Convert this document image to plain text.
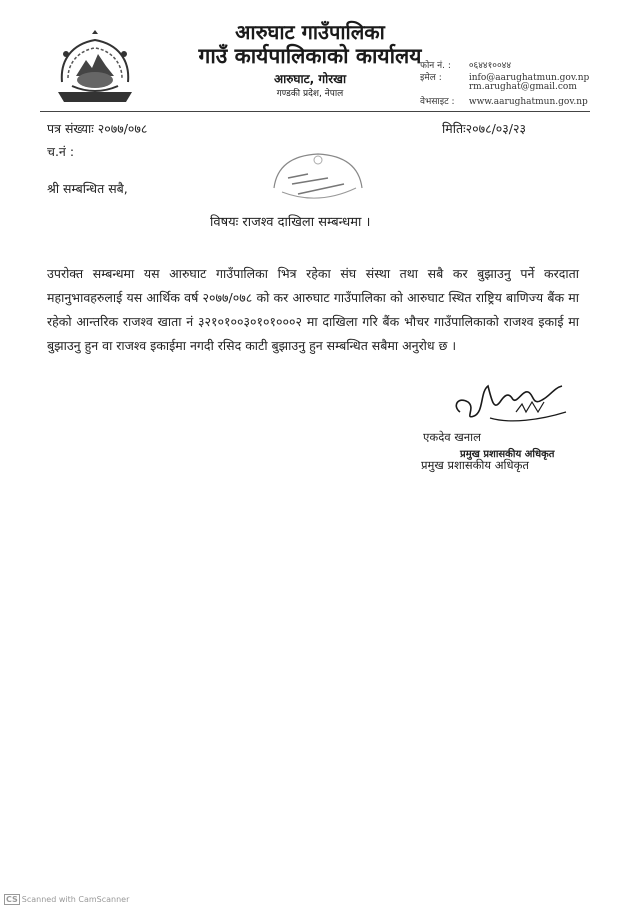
आरुघाट गाउँपालिका
गाउँ कार्यपालिकाको कार्यालय
आरुघाट, गोरखा
गण्डकी प्रदेश, नेपाल
फोन नं. : ०६४४१००४४
इमेल :	info@aarughatmun.gov.np
rm.arughat@gmail.com
वेभसाइट : www.aarughatmun.gov.np
पत्र संख्याः २०७७/०७८
च.नं :
मितिः२०७८/०३/२३
श्री सम्बन्धित सबै,
विषयः राजश्व दाखिला सम्बन्धमा ।
उपरोक्त सम्बन्धमा यस आरुघाट गाउँपालिका भित्र रहेका संघ संस्था तथा सबै कर बुझाउनु पर्ने करदाता महानुभावहरुलाई यस आर्थिक वर्ष २०७७/०७८ को कर आरुघाट गाउँपालिका को आरुघाट स्थित राष्ट्रिय बाणिज्य बैंक मा रहेको आन्तरिक राजश्व खाता नं ३२१०१००३०१०१०००२ मा दाखिला गरि बैंक भौचर गाउँपालिकाको राजश्व इकाई मा बुझाउनु हुन वा राजश्व इकाईमा नगदी रसिद काटी बुझाउनु हुन सम्बन्धित सबैमा अनुरोध छ ।
एकदेव खनाल
प्रमुख प्रशासकीय अधिकृत
प्रमुख प्रशासकीय अधिकृत
CS Scanned with CamScanner
